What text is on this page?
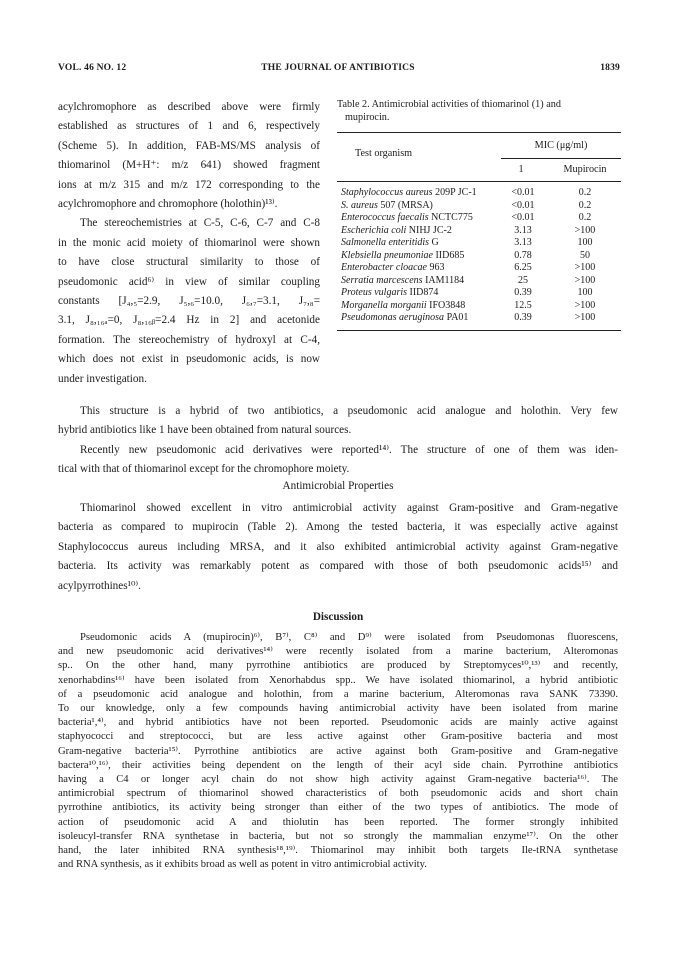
VOL. 46 NO. 12	THE JOURNAL OF ANTIBIOTICS	1839
acylchromophore as described above were firmly
established as structures of 1 and 6, respectively
(Scheme 5). In addition, FAB-MS/MS analysis of
thiomarinol (M+H⁺: m/z 641) showed fragment
ions at m/z 315 and m/z 172 corresponding to the
acylchromophore and chromophore (holothin)¹³⁾.
The stereochemistries at C-5, C-6, C-7 and C-8
in the monic acid moiety of thiomarinol were shown
to have close structural similarity to those of
pseudomonic acid⁶⁾ in view of similar coupling
constants [J₄,₅=2.9, J₅,₆=10.0, J₆,₇=3.1, J₇,₈=
3.1, J₈,₁₆ₐ=0, J₈,₁₆ᵦ=2.4 Hz in 2] and acetonide
formation. The stereochemistry of hydroxyl at C-4,
which does not exist in pseudomonic acids, is now
under investigation.
Table 2. Antimicrobial activities of thiomarinol (1) and
mupirocin.
Test organism
MIC (μg/ml)
1	Mupirocin
Staphylococcus aureus 209P JC-1	<0.01	0.2
S. aureus 507 (MRSA)	<0.01	0.2
Enterococcus faecalis NCTC775	<0.01	0.2
Escherichia coli NIHJ JC-2	3.13	>100
Salmonella enteritidis G	3.13	100
Klebsiella pneumoniae IID685	0.78	50
Enterobacter cloacae 963	6.25	>100
Serratia marcescens IAM1184	25	>100
Proteus vulgaris IID874	0.39	100
Morganella morganii IFO3848	12.5	>100
Pseudomonas aeruginosa PA01	0.39	>100
This structure is a hybrid of two antibiotics, a pseudomonic acid analogue and holothin. Very few
hybrid antibiotics like 1 have been obtained from natural sources.
Recently new pseudomonic acid derivatives were reported¹⁴⁾. The structure of one of them was iden-
tical with that of thiomarinol except for the chromophore moiety.
Antimicrobial Properties
Thiomarinol showed excellent in vitro antimicrobial activity against Gram-positive and Gram-negative
bacteria as compared to mupirocin (Table 2). Among the tested bacteria, it was especially active against
Staphylococcus aureus including MRSA, and it also exhibited antimicrobial activity against Gram-negative
bacteria. Its activity was remarkably potent as compared with those of both pseudomonic acids¹⁵⁾ and
acylpyrrothines¹⁰⁾.
Discussion
Pseudomonic acids A (mupirocin)⁶⁾, B⁷⁾, C⁸⁾ and D⁹⁾ were isolated from Pseudomonas fluorescens,
and new pseudomonic acid derivatives¹⁴⁾ were recently isolated from a marine bacterium, Alteromonas
sp.. On the other hand, many pyrrothine antibiotics are produced by Streptomyces¹⁰,¹³⁾ and recently,
xenorhabdins¹⁶⁾ have been isolated from Xenorhabdus spp.. We have isolated thiomarinol, a hybrid antibiotic
of a pseudomonic acid analogue and holothin, from a marine bacterium, Alteromonas rava SANK 73390.
To our knowledge, only a few compounds having antimicrobial activity have been isolated from marine
bacteria¹,⁴⁾, and hybrid antibiotics have not been reported. Pseudomonic acids are mainly active against
staphyococci and streptococci, but are less active against other Gram-positive bacteria and most
Gram-negative bacteria¹⁵⁾. Pyrrothine antibiotics are active against both Gram-positive and Gram-negative
bactera¹⁰,¹⁶⁾, their activities being dependent on the length of their acyl side chain. Pyrrothine antibiotics
having a C4 or longer acyl chain do not show high activity against Gram-negative bacteria¹⁶⁾. The
antimicrobial spectrum of thiomarinol showed characteristics of both pseudomonic acids and short chain
pyrrothine antibiotics, its activity being stronger than either of the two types of antibiotics. The mode of
action of pseudomonic acid A and thiolutin has been reported. The former strongly inhibited
isoleucyl-transfer RNA synthetase in bacteria, but not so strongly the mammalian enzyme¹⁷⁾. On the other
hand, the later inhibited RNA synthesis¹⁸,¹⁹⁾. Thiomarinol may inhibit both targets Ile-tRNA synthetase
and RNA synthesis, as it exhibits broad as well as potent in vitro antimicrobial activity.
